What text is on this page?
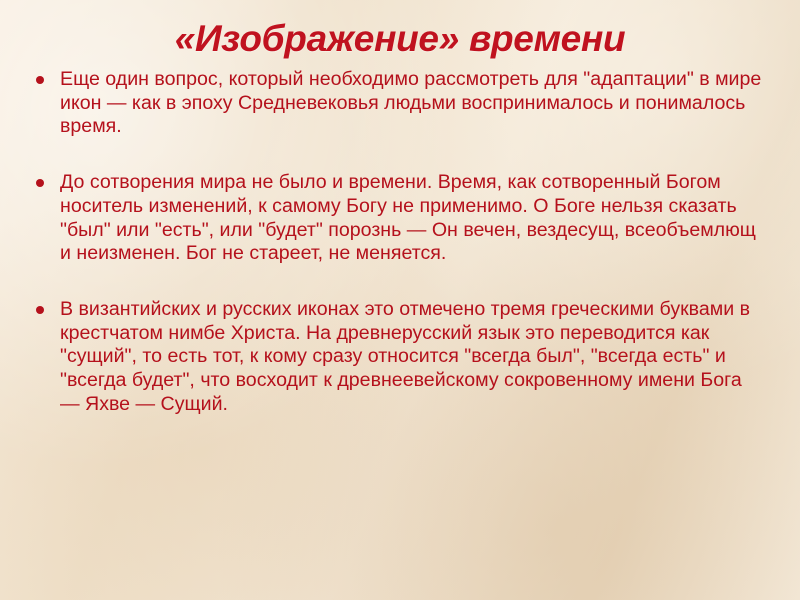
«Изображение» времени
Еще один вопрос, который необходимо рассмотреть для "адаптации" в мире икон — как в эпоху Средневековья людьми воспринималось и понималось время.
До сотворения мира не было и времени. Время, как сотворенный Богом носитель изменений, к самому Богу не применимо. О Боге нельзя сказать "был" или "есть", или "будет" порознь — Он вечен, вездесущ, всеобъемлющ и неизменен. Бог не стареет, не меняется.
В византийских и русских иконах это отмечено тремя греческими буквами в крестчатом нимбе Христа. На древнерусский язык это переводится как "сущий", то есть тот, к кому сразу относится "всегда был", "всегда есть" и "всегда будет", что восходит к древнеевейскому сокровенному имени Бога — Яхве — Сущий.
